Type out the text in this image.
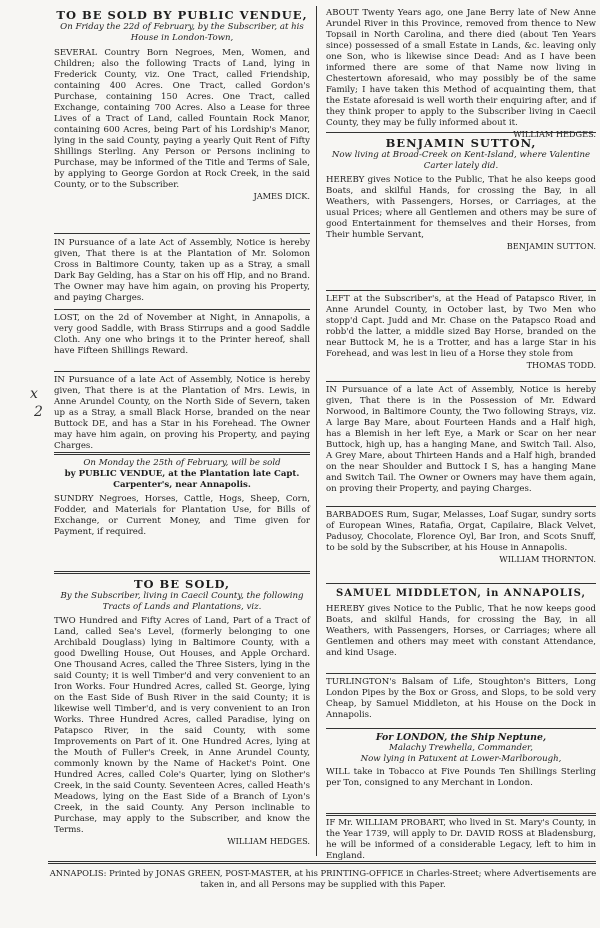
TO BE SOLD BY PUBLIC VENDUE,
On Friday the 22d of February, by the Subscriber, at his House in London-Town,

SEVERAL Country Born Negroes, Men, Women, and Children; also the following Tracts of Land, lying in Frederick County, viz. One Tract, called Friendship, containing 400 Acres. One Tract, called Gordon's Purchase, containing 150 Acres. One Tract, called Exchange, containing 700 Acres. Also a Lease for three Lives of a Tract of Land, called Fountain Rock Manor, containing 600 Acres, being Part of his Lordship's Manor, lying in the said County, paying a yearly Quit Rent of Fifty Shillings Sterling. Any Person or Persons inclining to Purchase, may be informed of the Title and Terms of Sale, by applying to George Gordon at Rock Creek, in the said County, or to the Subscriber.

JAMES DICK.

IN Pursuance of a late Act of Assembly, Notice is hereby given, That there is at the Plantation of Mr. Solomon Cross in Baltimore County, taken up as a Stray, a small Dark Bay Gelding, has a Star on his off Hip, and no Brand. The Owner may have him again, on proving his Property, and paying Charges.

LOST, on the 2d of November at Night, in Annapolis, a very good Saddle, with Brass Stirrups and a good Saddle Cloth. Any one who brings it to the Printer hereof, shall have Fifteen Shillings Reward.

IN Pursuance of a late Act of Assembly, Notice is hereby given, That there is at the Plantation of Mrs. Lewis, in Anne Arundel County, on the North Side of Severn, taken up as a Stray, a small Black Horse, branded on the near Buttock DE, and has a Star in his Forehead. The Owner may have him again, on proving his Property, and paying Charges.

On Monday the 25th of February, will be sold
by PUBLIC VENDUE, at the Plantation late Capt. Carpenter's, near Annapolis.

SUNDRY Negroes, Horses, Cattle, Hogs, Sheep, Corn, Fodder, and Materials for Plantation Use, for Bills of Exchange, or Current Money, and Time given for Payment, if required.

TO BE SOLD,
By the Subscriber, living in Caecil County, the following Tracts of Lands and Plantations, viz.

TWO Hundred and Fifty Acres of Land, Part of a Tract of Land, called Sea's Level, (formerly belonging to one Archibald Douglass) lying in Baltimore County, with a good Dwelling House, Out Houses, and Apple Orchard. One Thousand Acres, called the Three Sisters, lying in the said County; it is well Timber'd and very convenient to an Iron Works. Four Hundred Acres, called St. George, lying on the East Side of Bush River in the said County; it is likewise well Timber'd, and is very convenient to an Iron Works. Three Hundred Acres, called Paradise, lying on Patapsco River, in the said County, with some Improvements on Part of it. One Hundred Acres, lying at the Mouth of Fuller's Creek, in Anne Arundel County, commonly known by the Name of Hacket's Point. One Hundred Acres, called Cole's Quarter, lying on Slother's Creek, in the said County. Seventeen Acres, called Heath's Meadows, lying on the East Side of a Branch of Lyon's Creek, in the said County. Any Person inclinable to Purchase, may apply to the Subscriber, and know the Terms.

WILLIAM HEDGES.
x
2

ABOUT Twenty Years ago, one Jane Berry late of New Anne Arundel River in this Province, removed from thence to New Topsail in North Carolina, and there died (about Ten Years since) possessed of a small Estate in Lands, &c. leaving only one Son, who is likewise since Dead: And as I have been informed there are some of that Name now living in Chestertown aforesaid, who may possibly be of the same Family; I have taken this Method of acquainting them, that the Estate aforesaid is well worth their enquiring after, and if they think proper to apply to the Subscriber living in Caecil County, they may be fully informed about it.

WILLIAM HEDGES.
BENJAMIN SUTTON,
Now living at Broad-Creek on Kent-Island, where Valentine Carter lately did.

HEREBY gives Notice to the Public, That he also keeps good Boats, and skilful Hands, for crossing the Bay, in all Weathers, with Passengers, Horses, or Carriages, at the usual Prices; where all Gentlemen and others may be sure of good Entertainment for themselves and their Horses, from Their humble Servant,

BENJAMIN SUTTON.

LEFT at the Subscriber's, at the Head of Patapsco River, in Anne Arundel County, in October last, by Two Men who stopp'd Capt. Judd and Mr. Chase on the Patapsco Road and robb'd the latter, a middle sized Bay Horse, branded on the near Buttock M, he is a Trotter, and has a large Star in his Forehead, and was lest in lieu of a Horse they stole from

THOMAS TODD.

IN Pursuance of a late Act of Assembly, Notice is hereby given, That there is in the Possession of Mr. Edward Norwood, in Baltimore County, the Two following Strays, viz. A large Bay Mare, about Fourteen Hands and a Half high, has a Blemish in her left Eye, a Mark or Scar on her near Buttock, high up, has a hanging Mane, and Switch Tail. Also, A Grey Mare, about Thirteen Hands and a Half high, branded on the near Shoulder and Buttock I S, has a hanging Mane and Switch Tail. The Owner or Owners may have them again, on proving their Property, and paying Charges.

BARBADOES Rum, Sugar, Melasses, Loaf Sugar, sundry sorts of European Wines, Ratafia, Orgat, Capilaire, Black Velvet, Padusoy, Chocolate, Florence Oyl, Bar Iron, and Scots Snuff, to be sold by the Subscriber, at his House in Annapolis.

WILLIAM THORNTON.
SAMUEL MIDDLETON, in ANNAPOLIS,

HEREBY gives Notice to the Public, That he now keeps good Boats, and skilful Hands, for crossing the Bay, in all Weathers, with Passengers, Horses, or Carriages; where all Gentlemen and others may meet with constant Attendance, and kind Usage.

TURLINGTON's Balsam of Life, Stoughton's Bitters, Long London Pipes by the Box or Gross, and Slops, to be sold very Cheap, by Samuel Middleton, at his House on the Dock in Annapolis.

For LONDON, the Ship Neptune,
Malachy Trewhella, Commander,
Now lying in Patuxent at Lower-Marlborough,

WILL take in Tobacco at Five Pounds Ten Shillings Sterling per Ton, consigned to any Merchant in London.

IF Mr. WILLIAM PROBART, who lived in St. Mary's County, in the Year 1739, will apply to Dr. DAVID ROSS at Bladensburg, he will be informed of a considerable Legacy, left to him in England.

ANNAPOLIS: Printed by JONAS GREEN, POST-MASTER, at his PRINTING-OFFICE in Charles-Street; where Advertisements are taken in, and all Persons may be supplied with this Paper.
